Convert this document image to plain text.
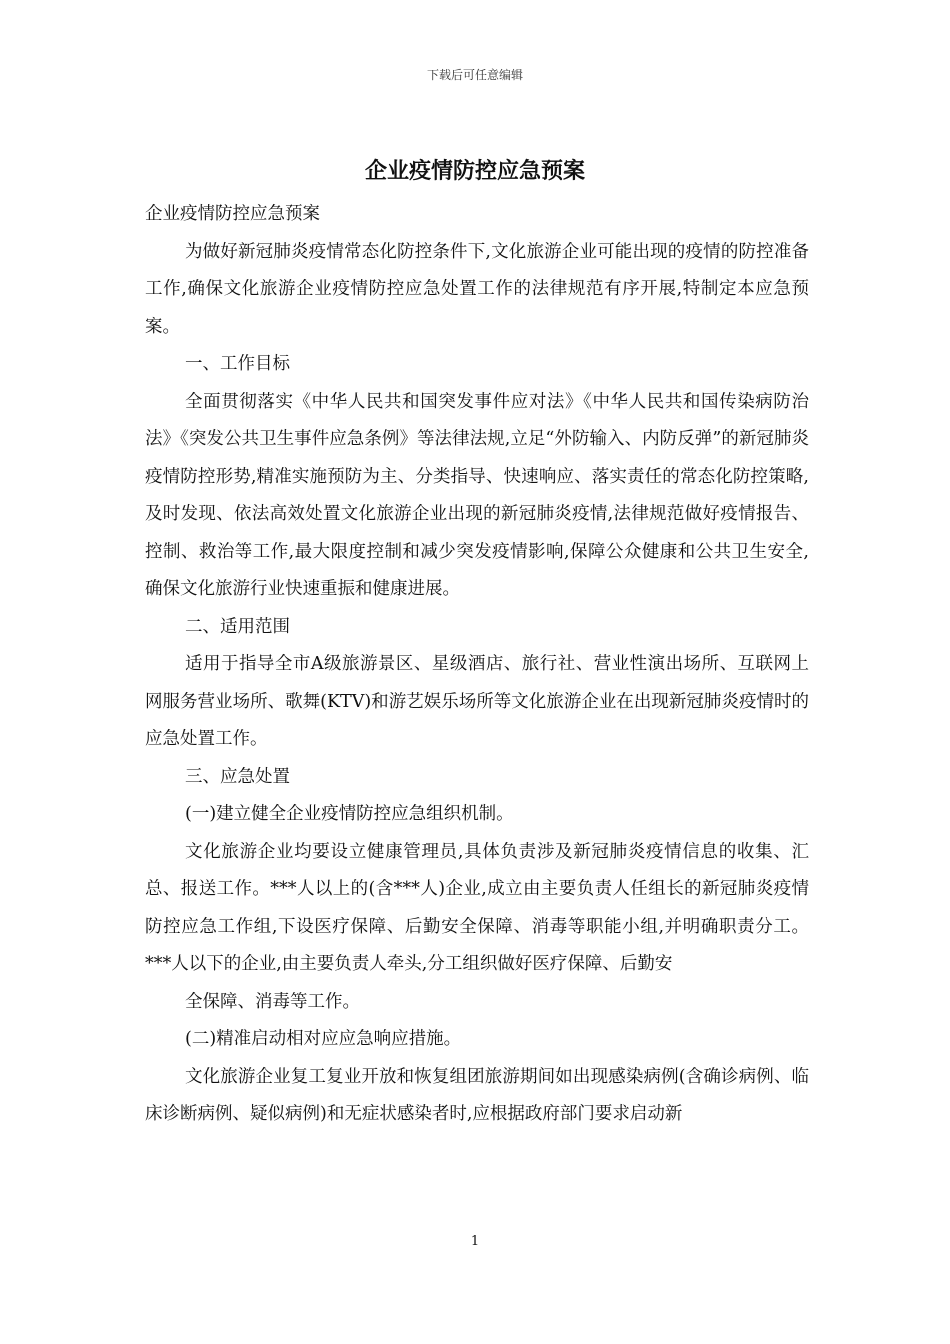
下载后可任意编辑
企业疫情防控应急预案

企业疫情防控应急预案

为做好新冠肺炎疫情常态化防控条件下,文化旅游企业可能出现的疫情的防控准备工作,确保文化旅游企业疫情防控应急处置工作的法律规范有序开展,特制定本应急预案。

一、工作目标

全面贯彻落实《中华人民共和国突发事件应对法》《中华人民共和国传染病防治法》《突发公共卫生事件应急条例》等法律法规,立足“外防输入、内防反弹”的新冠肺炎疫情防控形势,精准实施预防为主、分类指导、快速响应、落实责任的常态化防控策略,及时发现、依法高效处置文化旅游企业出现的新冠肺炎疫情,法律规范做好疫情报告、控制、救治等工作,最大限度控制和减少突发疫情影响,保障公众健康和公共卫生安全,确保文化旅游行业快速重振和健康进展。

二、适用范围

适用于指导全市A级旅游景区、星级酒店、旅行社、营业性演出场所、互联网上网服务营业场所、歌舞(KTV)和游艺娱乐场所等文化旅游企业在出现新冠肺炎疫情时的应急处置工作。

三、应急处置

(一)建立健全企业疫情防控应急组织机制。

文化旅游企业均要设立健康管理员,具体负责涉及新冠肺炎疫情信息的收集、汇总、报送工作。***人以上的(含***人)企业,成立由主要负责人任组长的新冠肺炎疫情防控应急工作组,下设医疗保障、后勤安全保障、消毒等职能小组,并明确职责分工。***人以下的企业,由主要负责人牵头,分工组织做好医疗保障、后勤安

全保障、消毒等工作。

(二)精准启动相对应应急响应措施。

文化旅游企业复工复业开放和恢复组团旅游期间如出现感染病例(含确诊病例、临床诊断病例、疑似病例)和无症状感染者时,应根据政府部门要求启动新

1
